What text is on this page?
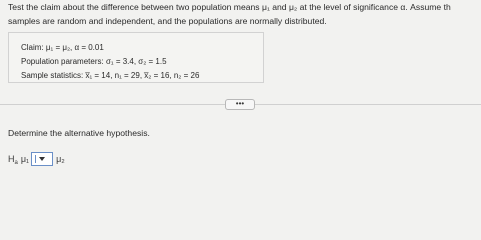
Test the claim about the difference between two population means μ₁ and μ₂ at the level of significance α. Assume th
samples are random and independent, and the populations are normally distributed.
Claim: μ₁ = μ₂, α = 0.01
Population parameters: σ₁ = 3.4, σ₂ = 1.5
Sample statistics: x̅₁ = 14, n₁ = 29, x̅₂ = 16, n₂ = 26
•••
Determine the alternative hypothesis.
$H_a$ μ₁	μ₂
